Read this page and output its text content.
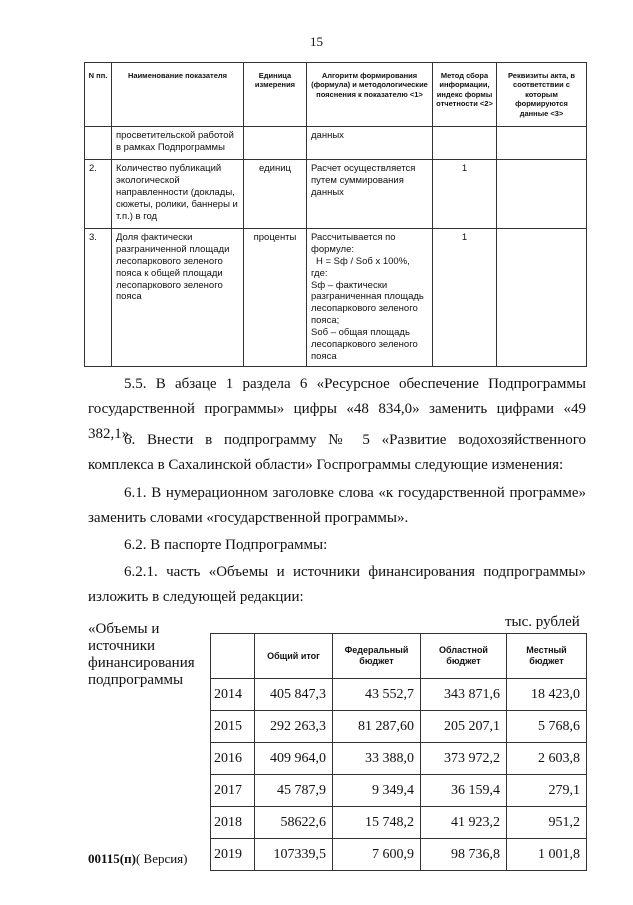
15
N пп.	Наименование показателя	Единица измерения	Алгоритм формирования (формула) и методологические пояснения к показателю <1>	Метод сбора информации, индекс формы отчетности <2>	Реквизиты акта, в соответствии с которым формируются данные <3>
	просветительской работой в рамках Подпрограммы		данных		
2.	Количество публикаций экологической направленности (доклады, сюжеты, ролики, баннеры и т.п.) в год	единиц	Расчет осуществляется путем суммирования данных	1	
3.	Доля фактически разграниченной площади лесопаркового зеленого пояса к общей площади лесопаркового зеленого пояса	проценты	Рассчитывается по формуле:
H = Sф / Sоб x 100%, где:
Sф – фактически разграниченная площадь лесопаркового зеленого пояса;
Sоб – общая площадь лесопаркового зеленого пояса	1	

5.5. В абзаце 1 раздела 6 «Ресурсное обеспечение Подпрограммы государственной программы» цифры «48 834,0» заменить цифрами «49 382,1».

6. Внести в подпрограмму № 5 «Развитие водохозяйственного комплекса в Сахалинской области» Госпрограммы следующие изменения:

6.1. В нумерационном заголовке слова «к государственной программе» заменить словами «государственной программы».

6.2. В паспорте Подпрограммы:

6.2.1. часть «Объемы и источники финансирования подпрограммы» изложить в следующей редакции:

«Объемы и источники финансирования подпрограммы
тыс. рублей
	Общий итог	Федеральный бюджет	Областной бюджет	Местный бюджет
2014	405 847,3	43 552,7	343 871,6	18 423,0
2015	292 263,3	81 287,60	205 207,1	5 768,6
2016	409 964,0	33 388,0	373 972,2	2 603,8
2017	45 787,9	9 349,4	36 159,4	279,1
2018	58622,6	15 748,2	41 923,2	951,2
2019	107339,5	7 600,9	98 736,8	1 001,8
00115(п)( Версия)
